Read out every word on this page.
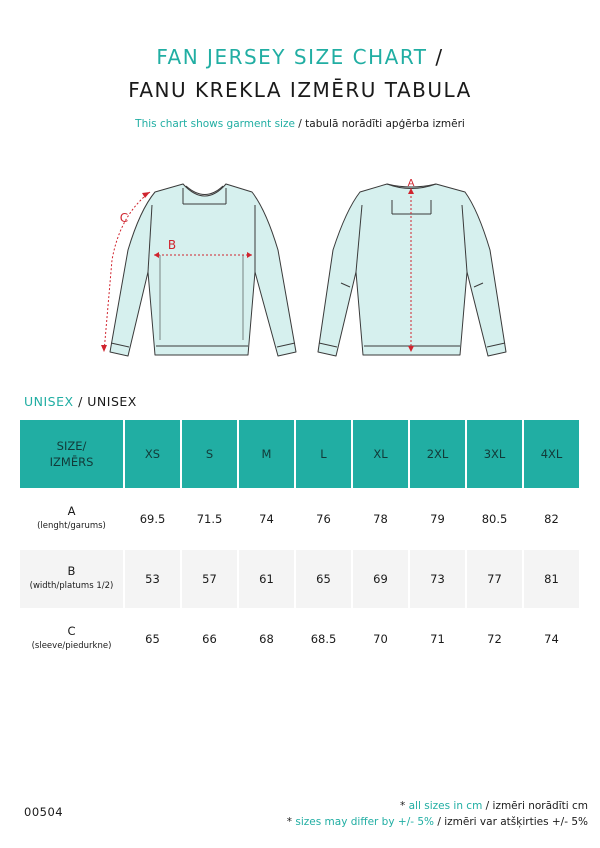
FAN JERSEY SIZE CHART /
FANU KREKLA IZMĒRU TABULA
This chart shows garment size / tabulā norādīti apģērba izmēri
A
B
C
UNISEX / UNISEX
SIZE/
IZMĒRS	XS	S	M	L	XL	2XL	3XL	4XL
A
(lenght/garums)	69.5	71.5	74	76	78	79	80.5	82
B
(width/platums 1/2)	53	57	61	65	69	73	77	81
C
(sleeve/piedurkne)	65	66	68	68.5	70	71	72	74
00504	* all sizes in cm / izmēri norādīti cm
* sizes may differ by +/- 5% / izmēri var atšķirties +/- 5%
